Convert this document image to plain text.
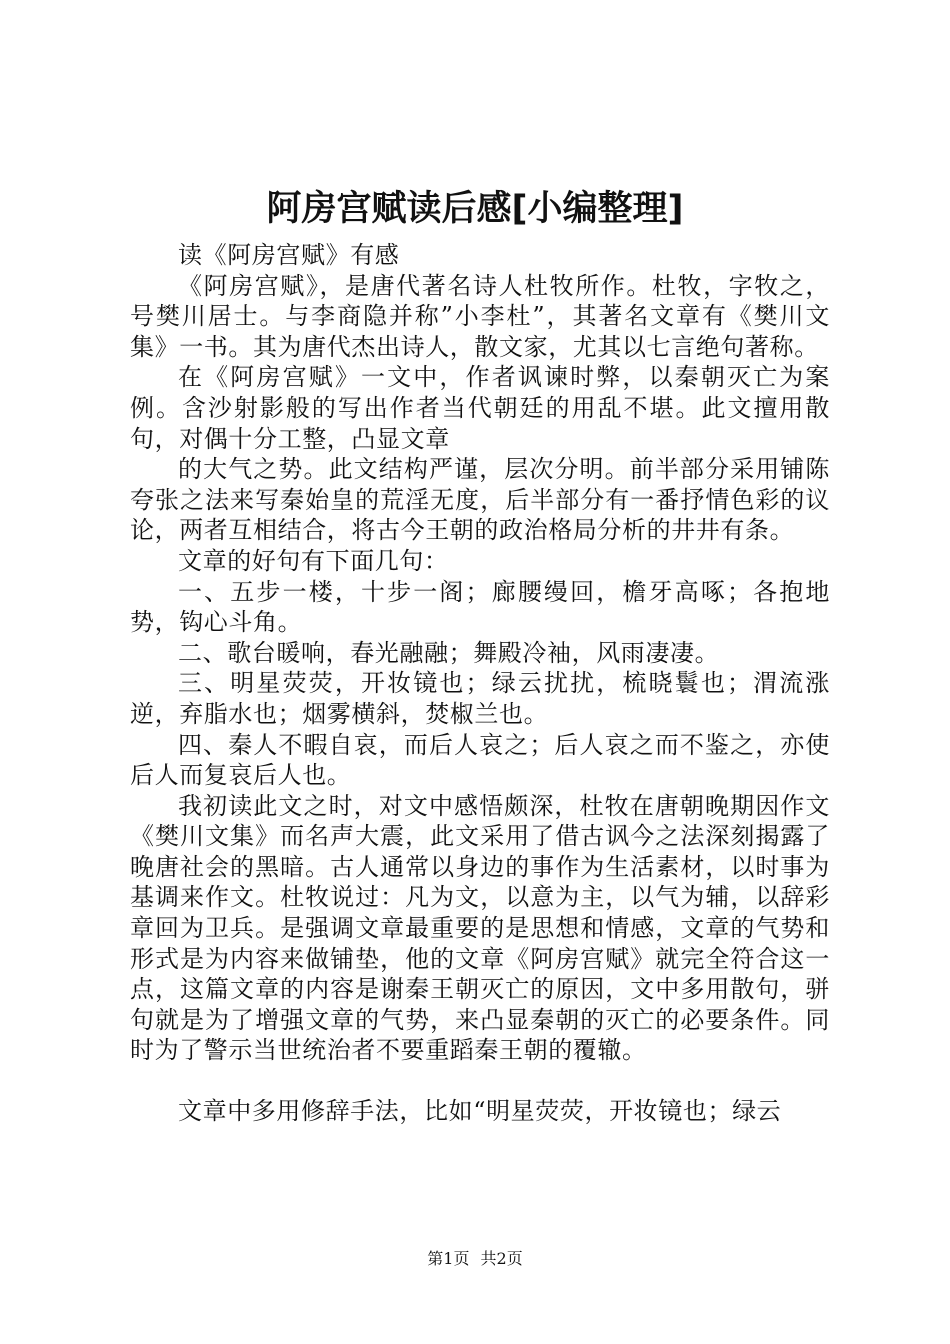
阿房宫赋读后感[小编整理]

读《阿房宫赋》有感

《阿房宫赋》，是唐代著名诗人杜牧所作。杜牧，字牧之，号樊川居士。与李商隐并称”小李杜”，其著名文章有《樊川文集》一书。其为唐代杰出诗人，散文家，尤其以七言绝句著称。

在《阿房宫赋》一文中，作者讽谏时弊，以秦朝灭亡为案例。含沙射影般的写出作者当代朝廷的用乱不堪。此文擅用散句，对偶十分工整，凸显文章

的大气之势。此文结构严谨，层次分明。前半部分采用铺陈夸张之法来写秦始皇的荒淫无度，后半部分有一番抒情色彩的议论，两者互相结合，将古今王朝的政治格局分析的井井有条。

文章的好句有下面几句：

一、五步一楼，十步一阁；廊腰缦回，檐牙高啄；各抱地势，钩心斗角。

二、歌台暖响，春光融融；舞殿冷袖，风雨凄凄。

三、明星荧荧，开妆镜也；绿云扰扰，梳晓鬟也；渭流涨逆，弃脂水也；烟雾横斜，焚椒兰也。

四、秦人不暇自哀，而后人哀之；后人哀之而不鉴之，亦使后人而复哀后人也。

我初读此文之时，对文中感悟颇深，杜牧在唐朝晚期因作文《樊川文集》而名声大震，此文采用了借古讽今之法深刻揭露了晚唐社会的黑暗。古人通常以身边的事作为生活素材，以时事为基调来作文。杜牧说过：凡为文，以意为主，以气为辅，以辞彩章回为卫兵。是强调文章最重要的是思想和情感，文章的气势和形式是为内容来做铺垫，他的文章《阿房宫赋》就完全符合这一点，这篇文章的内容是谢秦王朝灭亡的原因，文中多用散句，骈句就是为了增强文章的气势，来凸显秦朝的灭亡的必要条件。同时为了警示当世统治者不要重蹈秦王朝的覆辙。

文章中多用修辞手法，比如“明星荧荧，开妆镜也；绿云

第1页 共2页
